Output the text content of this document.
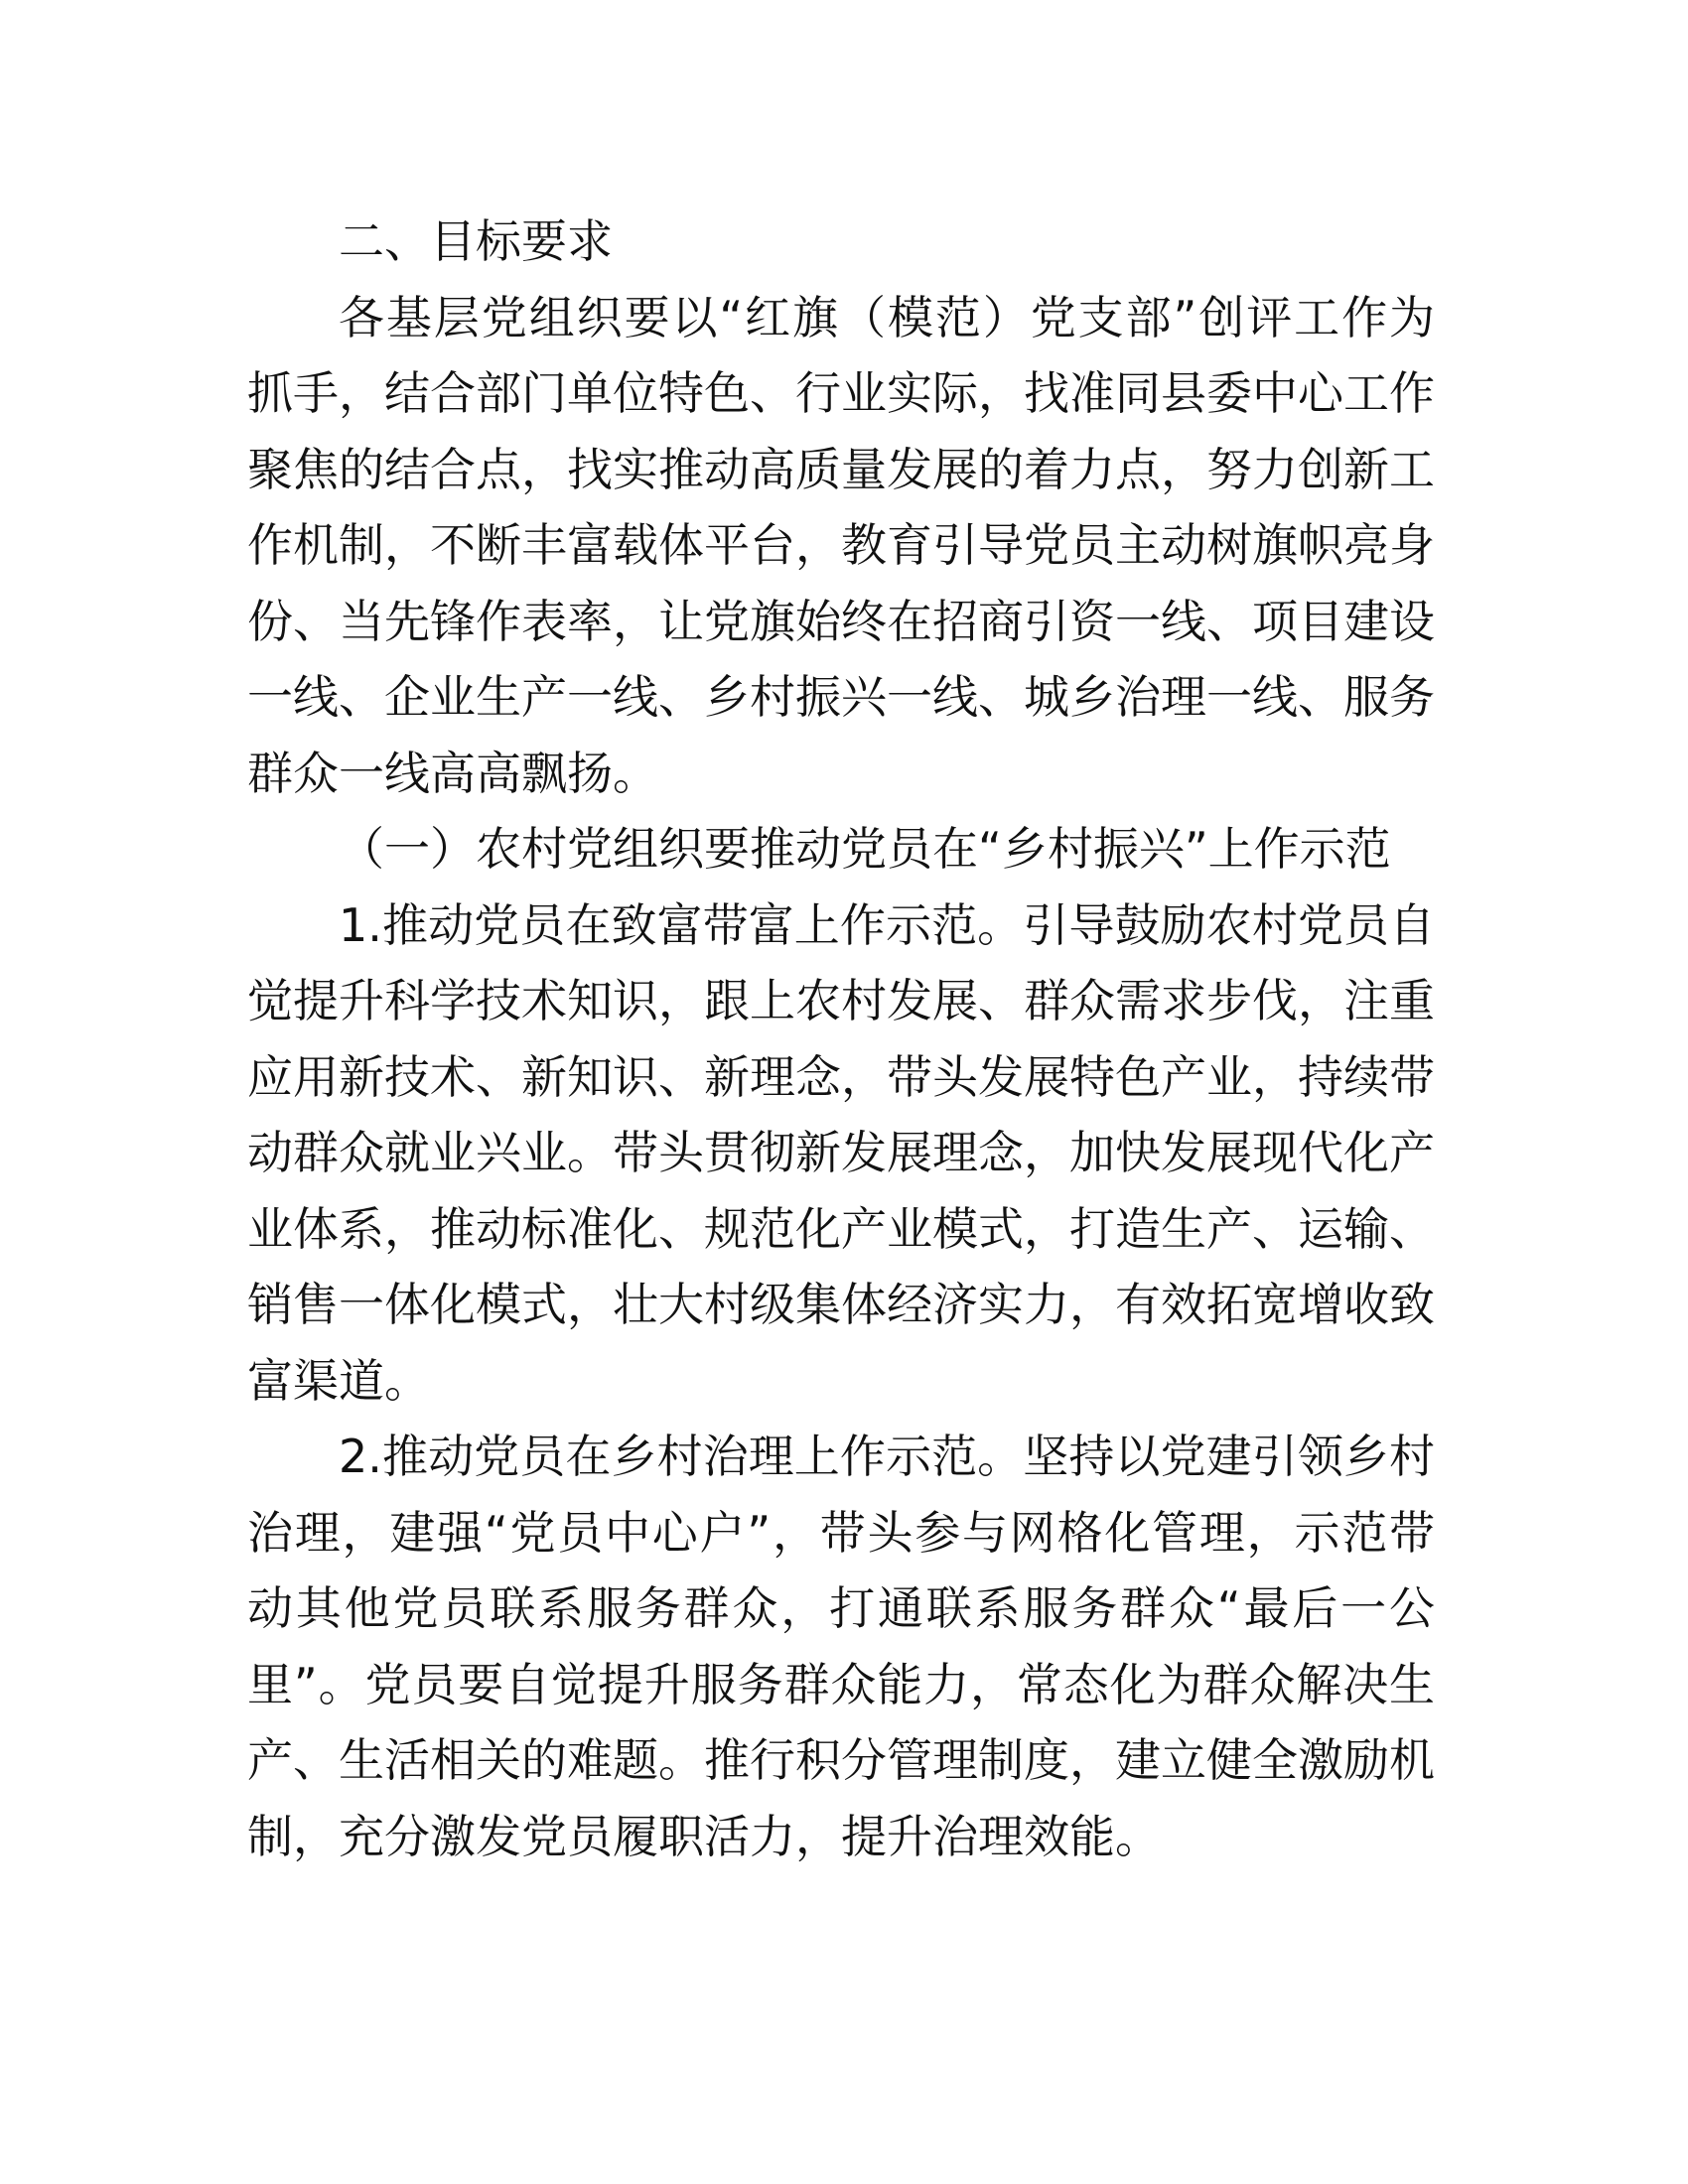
二、目标要求

各基层党组织要以“红旗（模范）党支部”创评工作为抓手，结合部门单位特色、行业实际，找准同县委中心工作聚焦的结合点，找实推动高质量发展的着力点，努力创新工作机制，不断丰富载体平台，教育引导党员主动树旗帜亮身份、当先锋作表率，让党旗始终在招商引资一线、项目建设一线、企业生产一线、乡村振兴一线、城乡治理一线、服务群众一线高高飘扬。

（一）农村党组织要推动党员在“乡村振兴”上作示范

1.推动党员在致富带富上作示范。引导鼓励农村党员自觉提升科学技术知识，跟上农村发展、群众需求步伐，注重应用新技术、新知识、新理念，带头发展特色产业，持续带动群众就业兴业。带头贯彻新发展理念，加快发展现代化产业体系，推动标准化、规范化产业模式，打造生产、运输、销售一体化模式，壮大村级集体经济实力，有效拓宽增收致富渠道。

2.推动党员在乡村治理上作示范。坚持以党建引领乡村治理，建强“党员中心户”，带头参与网格化管理，示范带动其他党员联系服务群众，打通联系服务群众“最后一公里”。党员要自觉提升服务群众能力，常态化为群众解决生产、生活相关的难题。推行积分管理制度，建立健全激励机制，充分激发党员履职活力，提升治理效能。
